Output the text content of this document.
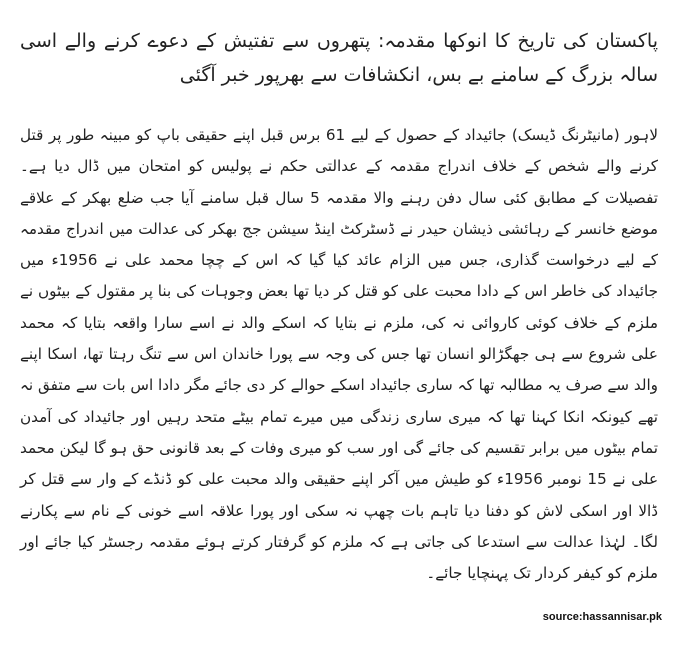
پاکستان کی تاریخ کا انوکھا مقدمہ: پتھروں سے تفتیش کے دعوے کرنے والے اسی سالہ بزرگ کے سامنے بے بس، انکشافات سے بھرپور خبر آگئی

لاہور (مانیٹرنگ ڈیسک) جائیداد کے حصول کے لیے 61 برس قبل اپنے حقیقی باپ کو مبینہ طور پر قتل کرنے والے شخص کے خلاف اندراج مقدمہ کے عدالتی حکم نے پولیس کو امتحان میں ڈال دیا ہے۔ تفصیلات کے مطابق کئی سال دفن رہنے والا مقدمہ 5 سال قبل سامنے آیا جب ضلع بھکر کے علاقے موضع خانسر کے رہائشی ذیشان حیدر نے ڈسٹرکٹ اینڈ سیشن جج بھکر کی عدالت میں اندراج مقدمہ کے لیے درخواست گذاری، جس میں الزام عائد کیا گیا کہ اس کے چچا محمد علی نے 1956ء میں جائیداد کی خاطر اس کے دادا محبت علی کو قتل کر دیا تھا بعض وجوہات کی بنا پر مقتول کے بیٹوں نے ملزم کے خلاف کوئی کاروائی نہ کی، ملزم نے بتایا کہ اسکے والد نے اسے سارا واقعہ بتایا کہ محمد علی شروع سے ہی جھگڑالو انسان تھا جس کی وجہ سے پورا خاندان اس سے تنگ رہتا تھا، اسکا اپنے والد سے صرف یہ مطالبہ تھا کہ ساری جائیداد اسکے حوالے کر دی جائے مگر دادا اس بات سے متفق نہ تھے کیونکہ انکا کہنا تھا کہ میری ساری زندگی میں میرے تمام بیٹے متحد رہیں اور جائیداد کی آمدن تمام بیٹوں میں برابر تقسیم کی جائے گی اور سب کو میری وفات کے بعد قانونی حق ہو گا لیکن محمد علی نے 15 نومبر 1956ء کو طیش میں آکر اپنے حقیقی والد محبت علی کو ڈنڈے کے وار سے قتل کر ڈالا اور اسکی لاش کو دفنا دیا تاہم بات چھپ نہ سکی اور پورا علاقہ اسے خونی کے نام سے پکارنے لگا۔ لہٰذا عدالت سے استدعا کی جاتی ہے کہ ملزم کو گرفتار کرتے ہوئے مقدمہ رجسٹر کیا جائے اور ملزم کو کیفر کردار تک پہنچایا جائے۔

source:hassannisar.pk
